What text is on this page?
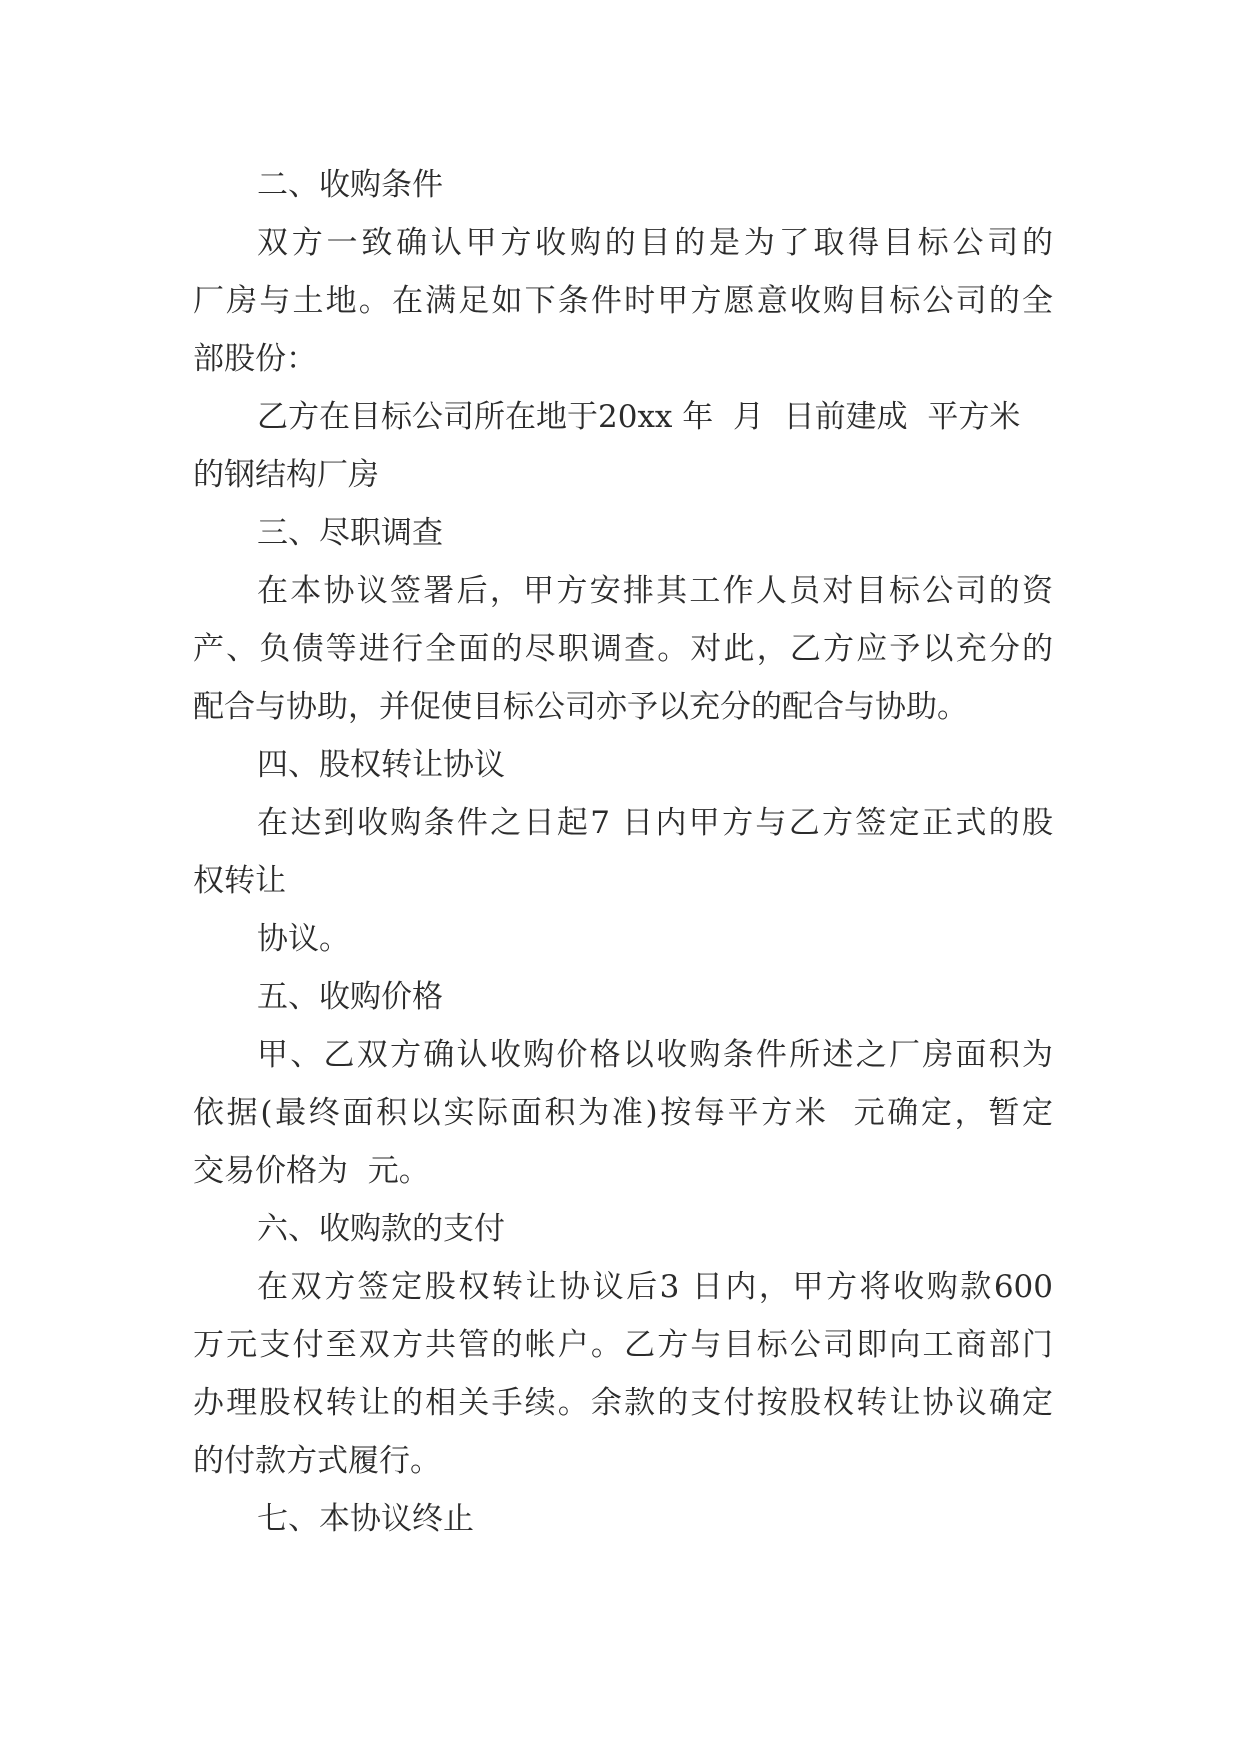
二、收购条件
双方一致确认甲方收购的目的是为了取得目标公司的
厂房与土地。在满足如下条件时甲方愿意收购目标公司的全
部股份：
乙方在目标公司所在地于20xx 年  月  日前建成  平方米
的钢结构厂房
三、尽职调查
在本协议签署后，甲方安排其工作人员对目标公司的资
产、负债等进行全面的尽职调查。对此，乙方应予以充分的
配合与协助，并促使目标公司亦予以充分的配合与协助。
四、股权转让协议
在达到收购条件之日起7 日内甲方与乙方签定正式的股
权转让
协议。
五、收购价格
甲、乙双方确认收购价格以收购条件所述之厂房面积为
依据(最终面积以实际面积为准)按每平方米  元确定，暂定
交易价格为  元。
六、收购款的支付
在双方签定股权转让协议后3 日内，甲方将收购款600
万元支付至双方共管的帐户。乙方与目标公司即向工商部门
办理股权转让的相关手续。余款的支付按股权转让协议确定
的付款方式履行。
七、本协议终止
